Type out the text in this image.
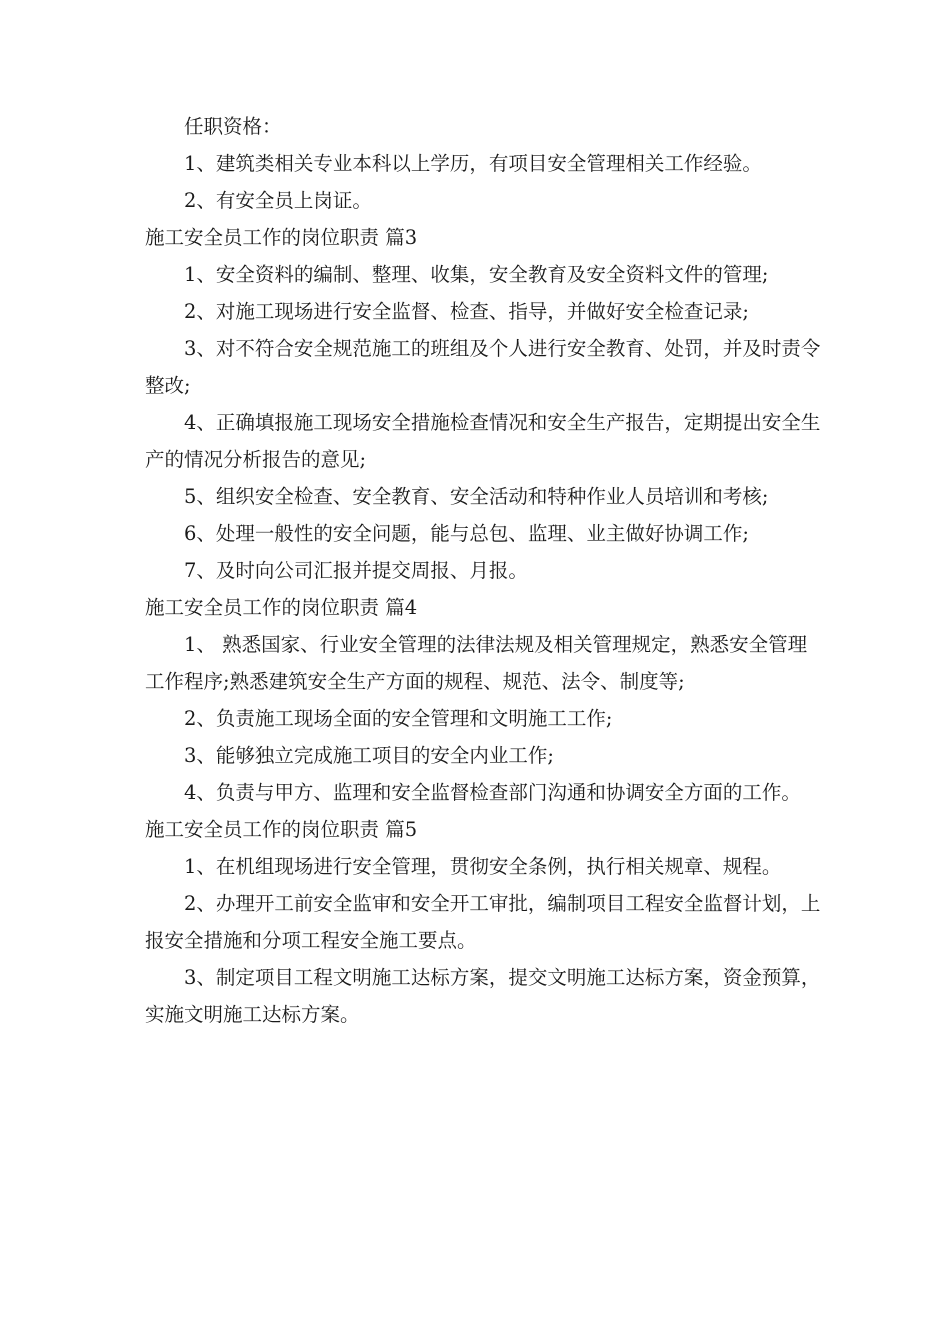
任职资格：

1、建筑类相关专业本科以上学历，有项目安全管理相关工作经验。

2、有安全员上岗证。

施工安全员工作的岗位职责 篇3

1、安全资料的编制、整理、收集，安全教育及安全资料文件的管理;

2、对施工现场进行安全监督、检查、指导，并做好安全检查记录;

3、对不符合安全规范施工的班组及个人进行安全教育、处罚，并及时责令整改;

4、正确填报施工现场安全措施检查情况和安全生产报告，定期提出安全生产的情况分析报告的意见;

5、组织安全检查、安全教育、安全活动和特种作业人员培训和考核;

6、处理一般性的安全问题，能与总包、监理、业主做好协调工作;

7、及时向公司汇报并提交周报、月报。

施工安全员工作的岗位职责 篇4

1、 熟悉国家、行业安全管理的法律法规及相关管理规定，熟悉安全管理工作程序;熟悉建筑安全生产方面的规程、规范、法令、制度等;

2、负责施工现场全面的安全管理和文明施工工作;

3、能够独立完成施工项目的安全内业工作;

4、负责与甲方、监理和安全监督检查部门沟通和协调安全方面的工作。

施工安全员工作的岗位职责 篇5

1、在机组现场进行安全管理，贯彻安全条例，执行相关规章、规程。

2、办理开工前安全监审和安全开工审批，编制项目工程安全监督计划，上报安全措施和分项工程安全施工要点。

3、制定项目工程文明施工达标方案，提交文明施工达标方案，资金预算，实施文明施工达标方案。
